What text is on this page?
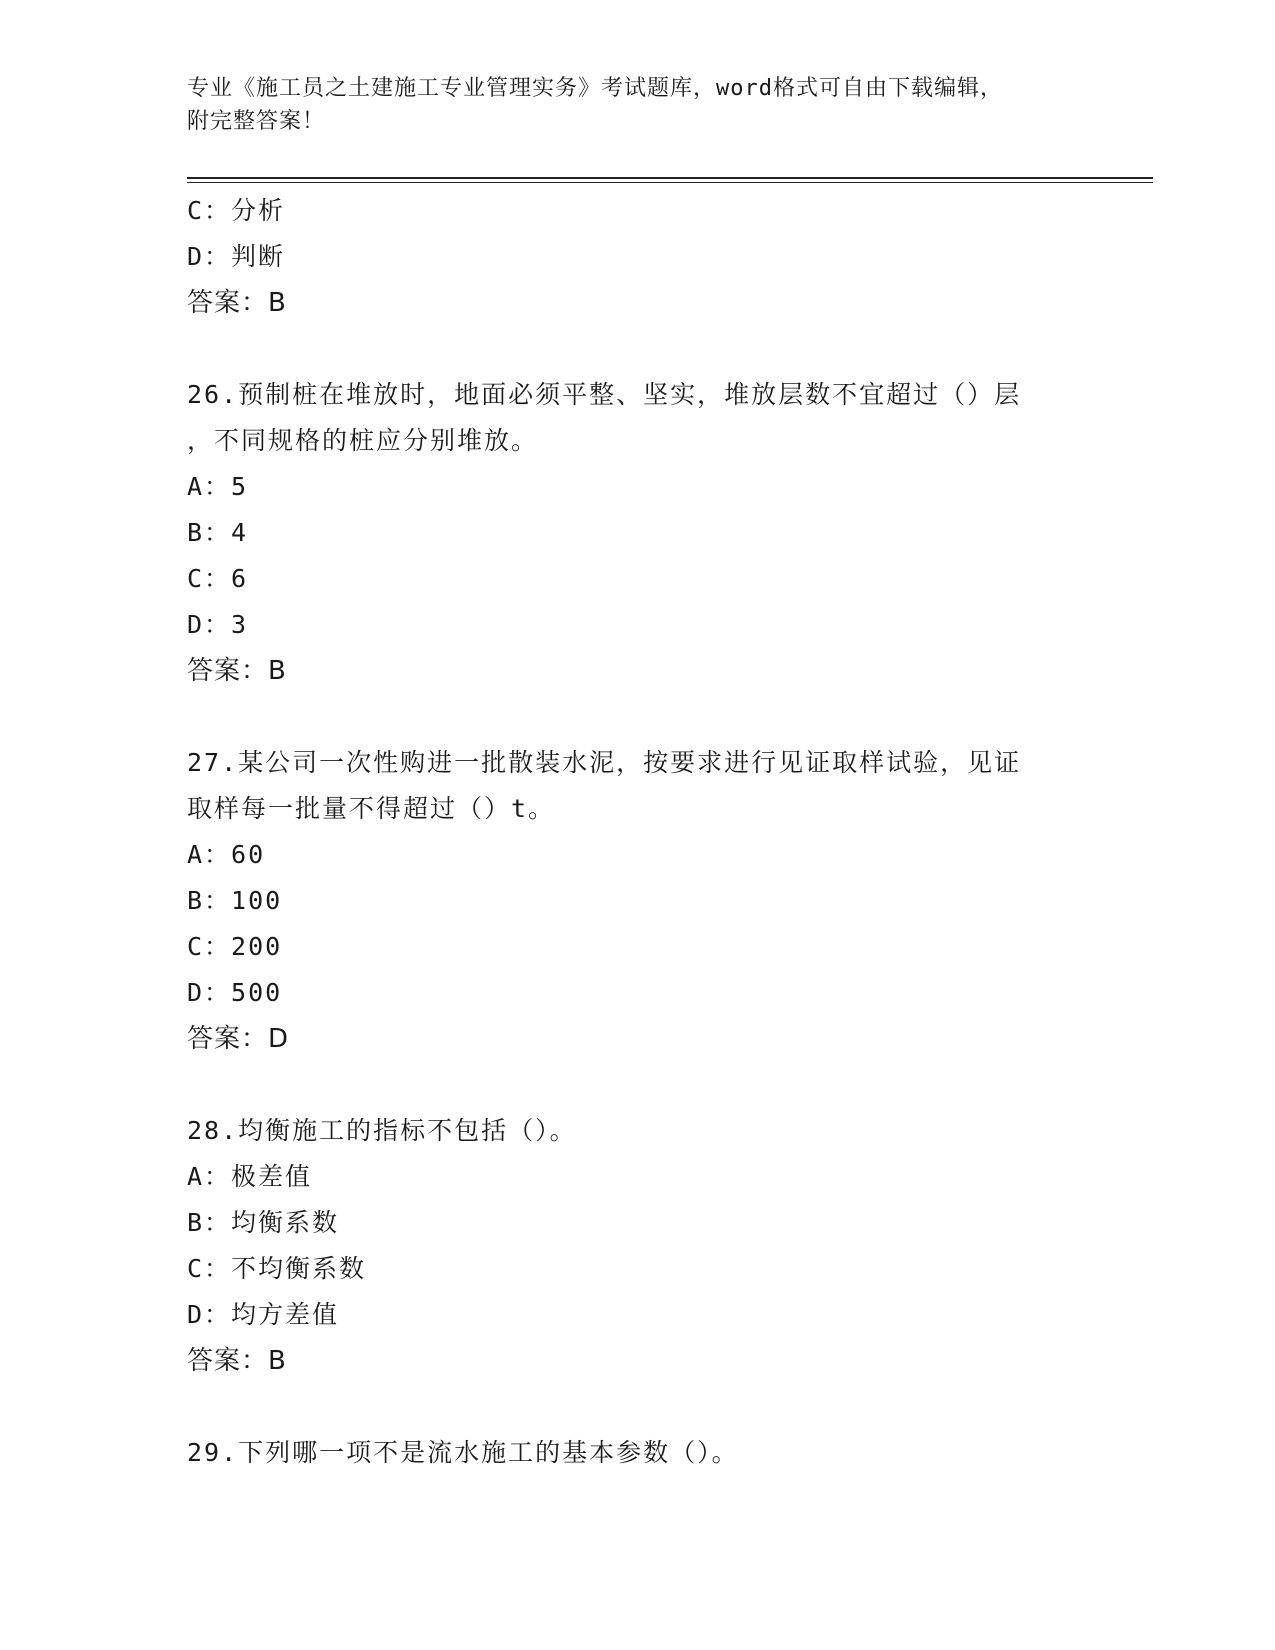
专业《施工员之土建施工专业管理实务》考试题库，word格式可自由下载编辑，
附完整答案！
C：分析
D：判断
答案：B
26.预制桩在堆放时，地面必须平整、坚实，堆放层数不宜超过（）层
，不同规格的桩应分别堆放。
A：5
B：4
C：6
D：3
答案：B
27.某公司一次性购进一批散装水泥，按要求进行见证取样试验，见证
取样每一批量不得超过（）t。
A：60
B：100
C：200
D：500
答案：D
28.均衡施工的指标不包括（）。
A：极差值
B：均衡系数
C：不均衡系数
D：均方差值
答案：B
29.下列哪一项不是流水施工的基本参数（）。
